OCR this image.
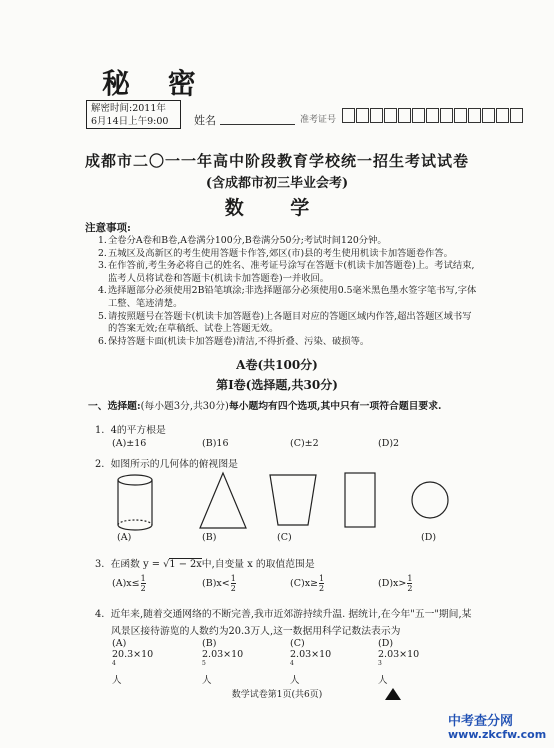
秘 密
解密时间:2011年
6月14日上午9:00	姓名	准考证号
成都市二〇一一年高中阶段教育学校统一招生考试试卷
(含成都市初三毕业会考)
数 学
注意事项:
1. 全卷分A卷和B卷,A卷满分100分,B卷满分50分;考试时间120分钟。
2. 五城区及高新区的考生使用答题卡作答,郊区(市)县的考生使用机读卡加答题卷作答。
3. 在作答前,考生务必将自己的姓名、准考证号涂写在答题卡(机读卡加答题卷)上。考试结束,监考人员将试卷和答题卡(机读卡加答题卷)一并收回。
4. 选择题部分必须使用2B铅笔填涂;非选择题部分必须使用0.5毫米黑色墨水签字笔书写,字体工整、笔迹清楚。
5. 请按照题号在答题卡(机读卡加答题卷)上各题目对应的答题区域内作答,超出答题区域书写的答案无效;在草稿纸、试卷上答题无效。
6. 保持答题卡面(机读卡加答题卷)清洁,不得折叠、污染、破损等。
A卷(共100分)
第Ⅰ卷(选择题,共30分)
一、选择题:(每小题3分,共30分)每小题均有四个选项,其中只有一项符合题目要求.
1. 4的平方根是
(A)±16	(B)16	(C)±2	(D)2
2. 如图所示的几何体的俯视图是
(A)	(B)	(C)	(D)
3. 在函数 y = √1 − 2x中,自变量 x 的取值范围是
(A) $x \le \frac{1}{2}$	(B) x < 1
2	(C) $x \ge \frac{1}{2}$	(D) x > 1
2
4. 近年来,随着交通网络的不断完善,我市近郊游持续升温. 据统计,在今年"五一"期间,某
风景区接待游览的人数约为20.3万人,这一数据用科学记数法表示为
(A)
20.3×10
$^4$
人
(B)
2.03×10
$^5$
人
(C)
2.03×10
$^4$
人
(D)
2.03×10
$^3$
人
数学试卷第1页(共6页)
中考查分网
www.zkcfw.com
